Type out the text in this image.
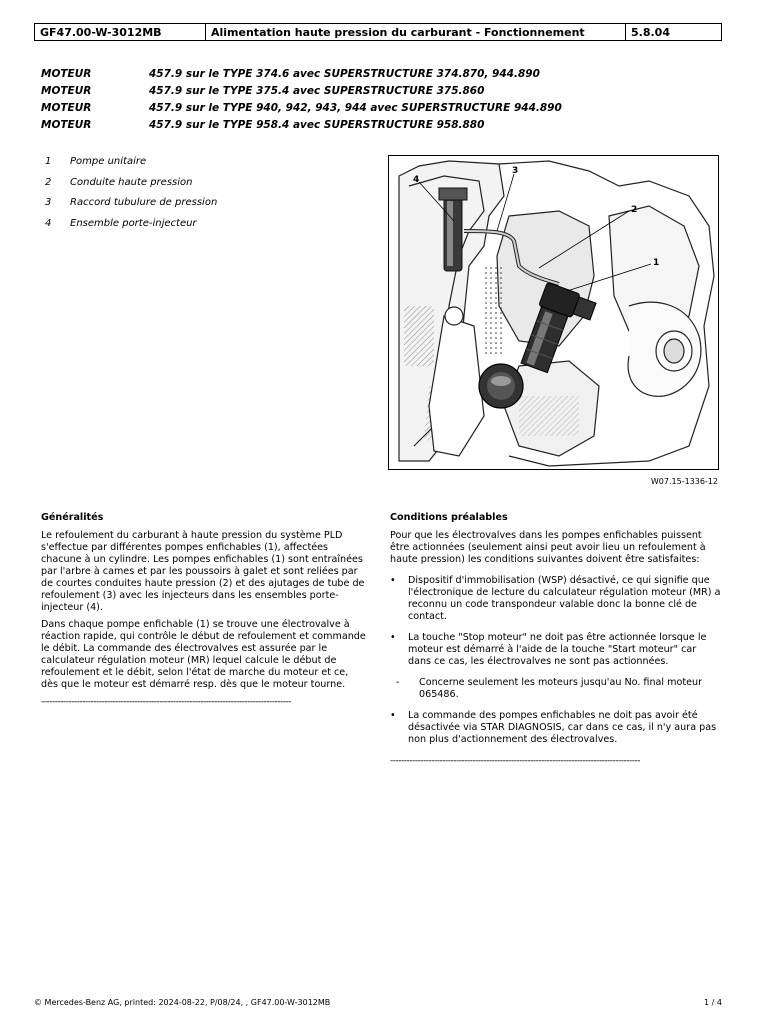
GF47.00-W-3012MB	Alimentation haute pression du carburant - Fonctionnement	5.8.04
MOTEUR	457.9 sur le TYPE 374.6 avec SUPERSTRUCTURE 374.870, 944.890
MOTEUR	457.9 sur le TYPE 375.4 avec SUPERSTRUCTURE 375.860
MOTEUR	457.9 sur le TYPE 940, 942, 943, 944 avec SUPERSTRUCTURE 944.890
MOTEUR	457.9 sur le TYPE 958.4 avec SUPERSTRUCTURE 958.880
1	Pompe unitaire
2	Conduite haute pression
3	Raccord tubulure de pression
4	Ensemble porte-injecteur
4
3
2
1
W07.15-1336-12
Généralités

Le refoulement du carburant à haute pression du système PLD s'effectue par différentes pompes enfichables (1), affectées chacune à un cylindre. Les pompes enfichables (1) sont entraînées par l'arbre à cames et par les poussoirs à galet et sont reliées par de courtes conduites haute pression (2) et des ajutages de tube de refoulement (3) avec les injecteurs dans les ensembles porte-injecteur (4).

Dans chaque pompe enfichable (1) se trouve une électrovalve à réaction rapide, qui contrôle le début de refoulement et commande le débit. La commande des électrovalves est assurée par le calculateur régulation moteur (MR) lequel calcule le début de refoulement et le débit, selon l'état de marche du moteur et ce, dès que le moteur est démarré resp. dès que le moteur tourne.

-------------------------------------------------------------------------------------------
Conditions préalables

Pour que les électrovalves dans les pompes enfichables puissent être actionnées (seulement ainsi peut avoir lieu un refoulement à haute pression) les conditions suivantes doivent être satisfaites:

• Dispositif d'immobilisation (WSP) désactivé, ce qui signifie que l'électronique de lecture du calculateur régulation moteur (MR) a reconnu un code transpondeur valable donc la bonne clé de contact.
• La touche "Stop moteur" ne doit pas être actionnée lorsque le moteur est démarré à l'aide de la touche "Start moteur" car dans ce cas, les électrovalves ne sont pas actionnées.
- Concerne seulement les moteurs jusqu'au No. final moteur 065486.
• La commande des pompes enfichables ne doit pas avoir été désactivée via STAR DIAGNOSIS, car dans ce cas, il n'y aura pas non plus d'actionnement des électrovalves.
-------------------------------------------------------------------------------------------
© Mercedes-Benz AG, printed: 2024-08-22, P/08/24, , GF47.00-W-3012MB	1 / 4
